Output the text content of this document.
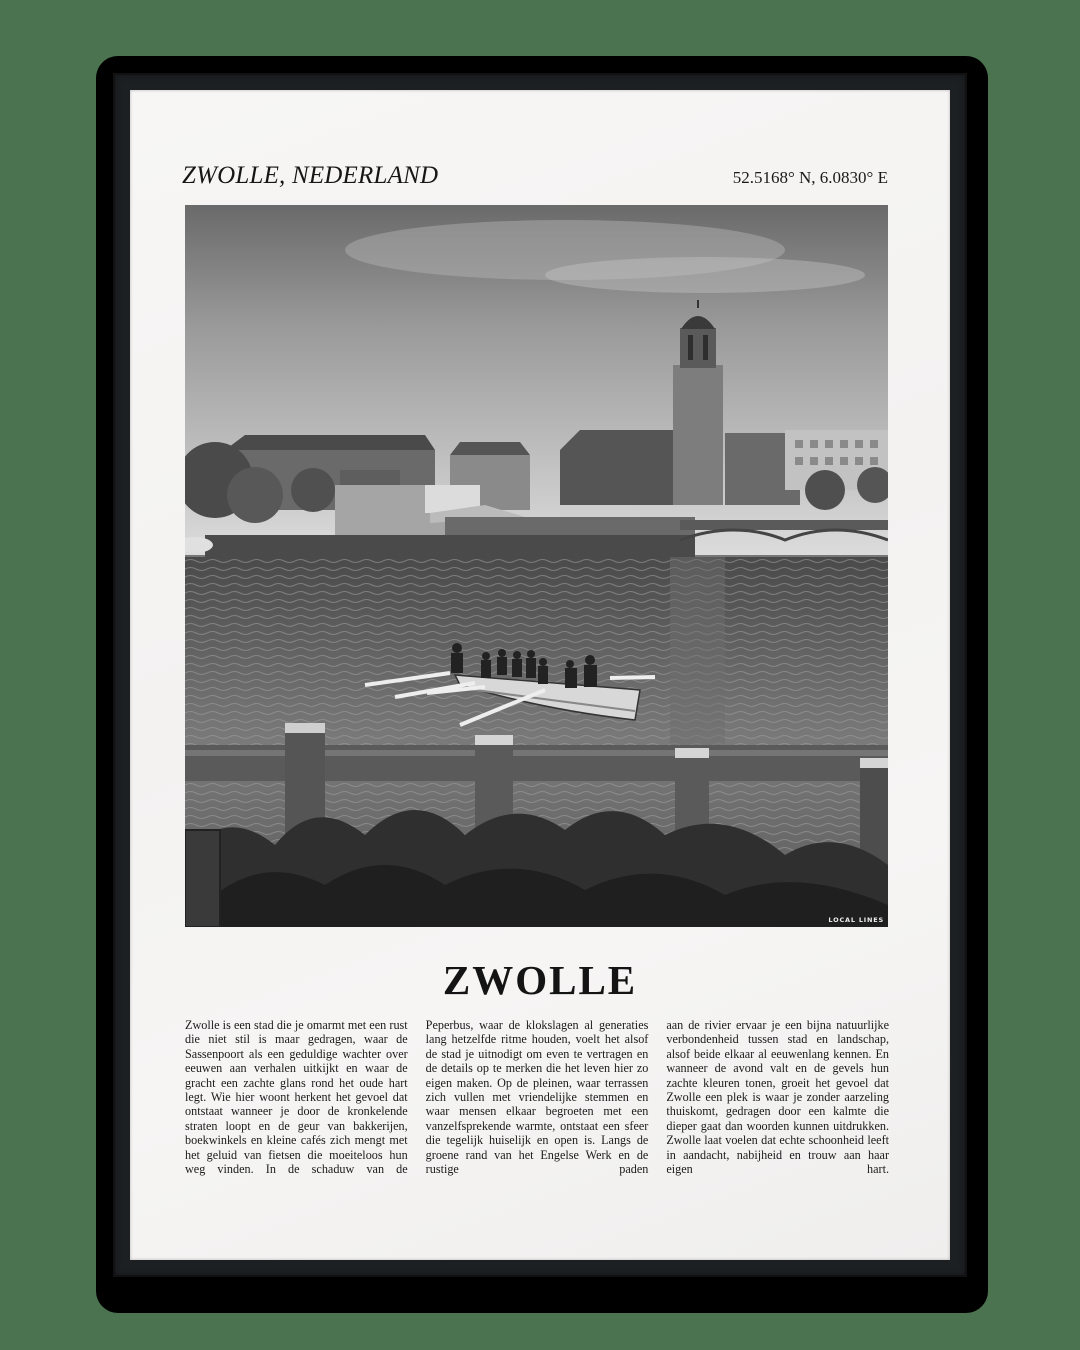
ZWOLLE, NEDERLAND	52.5168° N, 6.0830° E
LOCAL LINES
ZWOLLE

Zwolle is een stad die je omarmt met een rust die niet stil is maar gedragen, waar de Sassenpoort als een geduldige wachter over eeuwen aan verhalen uitkijkt en waar de gracht een zachte glans rond het oude hart legt. Wie hier woont herkent het gevoel dat ontstaat wanneer je door de kronkelende straten loopt en de geur van bakkerijen, boekwinkels en kleine cafés zich mengt met het geluid van fietsen die moeiteloos hun weg vinden. In de schaduw van de

Peperbus, waar de klokslagen al generaties lang hetzelfde ritme houden, voelt het alsof de stad je uitnodigt om even te vertragen en de details op te merken die het leven hier zo eigen maken. Op de pleinen, waar terrassen zich vullen met vriendelijke stemmen en waar mensen elkaar begroeten met een vanzelfsprekende warmte, ontstaat een sfeer die tegelijk huiselijk en open is. Langs de groene rand van het Engelse Werk en de rustige paden

aan de rivier ervaar je een bijna natuurlijke verbondenheid tussen stad en landschap, alsof beide elkaar al eeuwenlang kennen. En wanneer de avond valt en de gevels hun zachte kleuren tonen, groeit het gevoel dat Zwolle een plek is waar je zonder aarzeling thuiskomt, gedragen door een kalmte die dieper gaat dan woorden kunnen uitdrukken. Zwolle laat voelen dat echte schoonheid leeft in aandacht, nabijheid en trouw aan haar eigen hart.
